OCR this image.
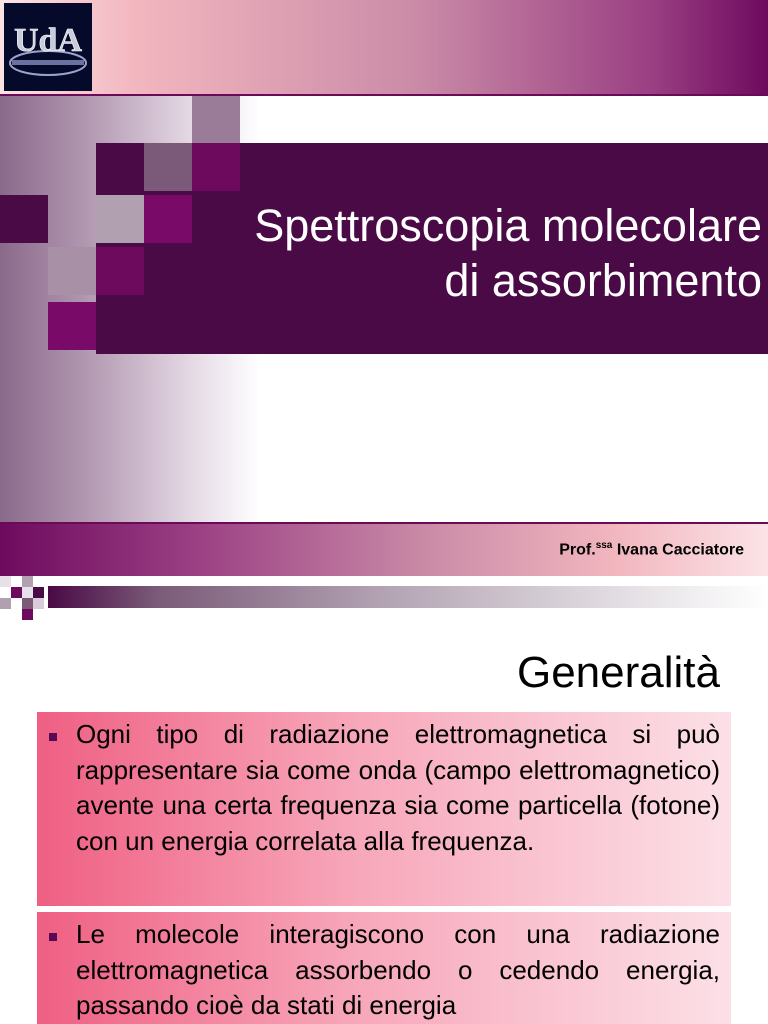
UdA
Spettroscopia molecolare
di assorbimento
Prof.$^{ssa}$ Ivana Cacciatore
Generalità
Ogni tipo di radiazione elettromagnetica si può rappresentare sia come onda (campo elettromagnetico) avente una certa frequenza sia come particella (fotone) con un energia correlata alla frequenza.
Le molecole interagiscono con una radiazione elettromagnetica assorbendo o cedendo energia, passando cioè da stati di energia
